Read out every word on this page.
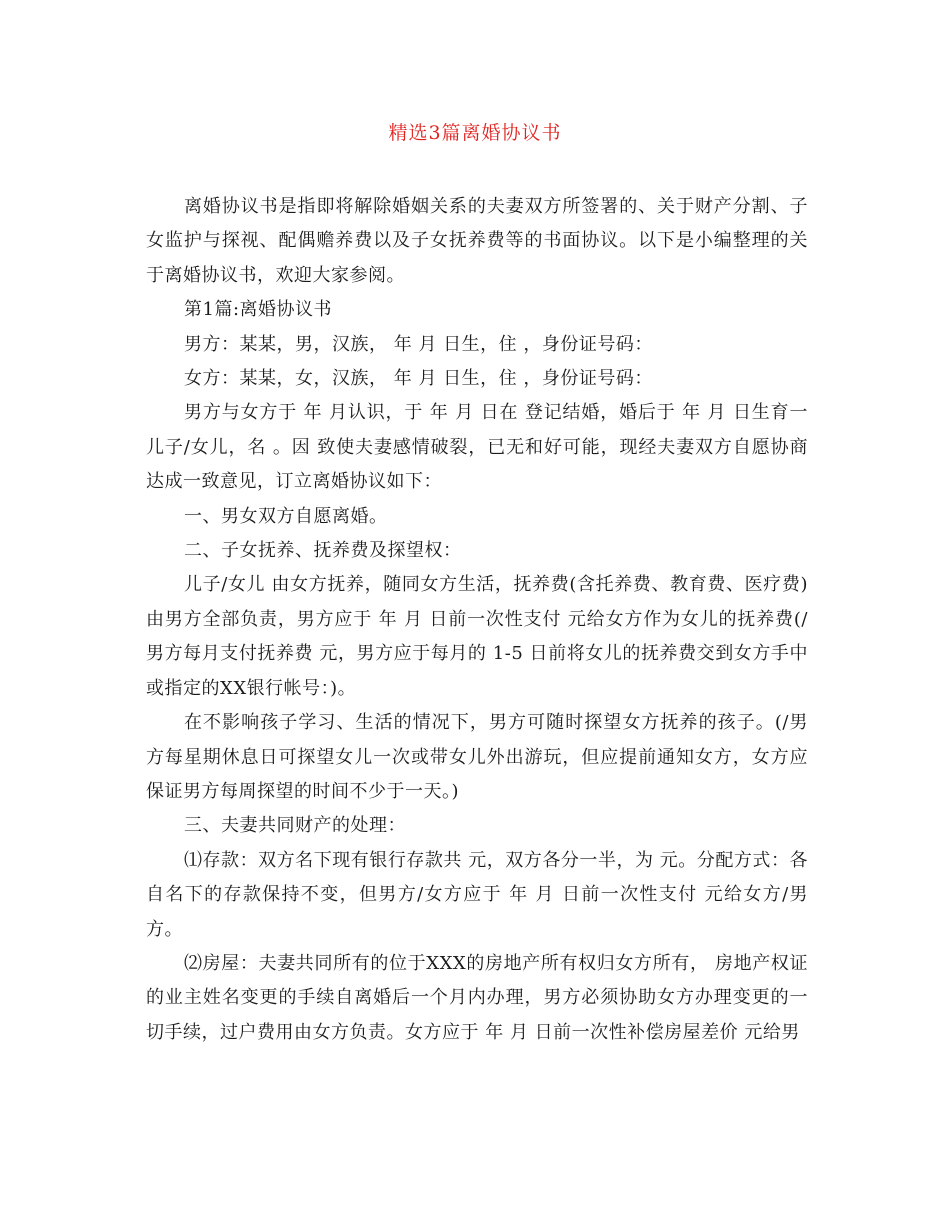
精选3篇离婚协议书

离婚协议书是指即将解除婚姻关系的夫妻双方所签署的、关于财产分割、子女监护与探视、配偶赡养费以及子女抚养费等的书面协议。以下是小编整理的关于离婚协议书，欢迎大家参阅。

第1篇:离婚协议书

男方：某某，男，汉族， 年 月 日生，住 ，身份证号码：

女方：某某，女，汉族， 年 月 日生，住 ，身份证号码：

男方与女方于 年 月认识，于 年 月 日在 登记结婚，婚后于 年 月 日生育一儿子/女儿，名 。因 致使夫妻感情破裂，已无和好可能，现经夫妻双方自愿协商达成一致意见，订立离婚协议如下：

一、男女双方自愿离婚。

二、子女抚养、抚养费及探望权：

儿子/女儿 由女方抚养，随同女方生活，抚养费(含托养费、教育费、医疗费)由男方全部负责，男方应于 年 月 日前一次性支付 元给女方作为女儿的抚养费(/男方每月支付抚养费 元，男方应于每月的 1-5 日前将女儿的抚养费交到女方手中或指定的XX银行帐号：)。

在不影响孩子学习、生活的情况下，男方可随时探望女方抚养的孩子。(/男方每星期休息日可探望女儿一次或带女儿外出游玩，但应提前通知女方，女方应保证男方每周探望的时间不少于一天。)

三、夫妻共同财产的处理：

⑴存款：双方名下现有银行存款共 元，双方各分一半，为 元。分配方式：各自名下的存款保持不变，但男方/女方应于 年 月 日前一次性支付 元给女方/男方。

⑵房屋：夫妻共同所有的位于XXX的房地产所有权归女方所有， 房地产权证的业主姓名变更的手续自离婚后一个月内办理，男方必须协助女方办理变更的一切手续，过户费用由女方负责。女方应于 年 月 日前一次性补偿房屋差价 元给男
